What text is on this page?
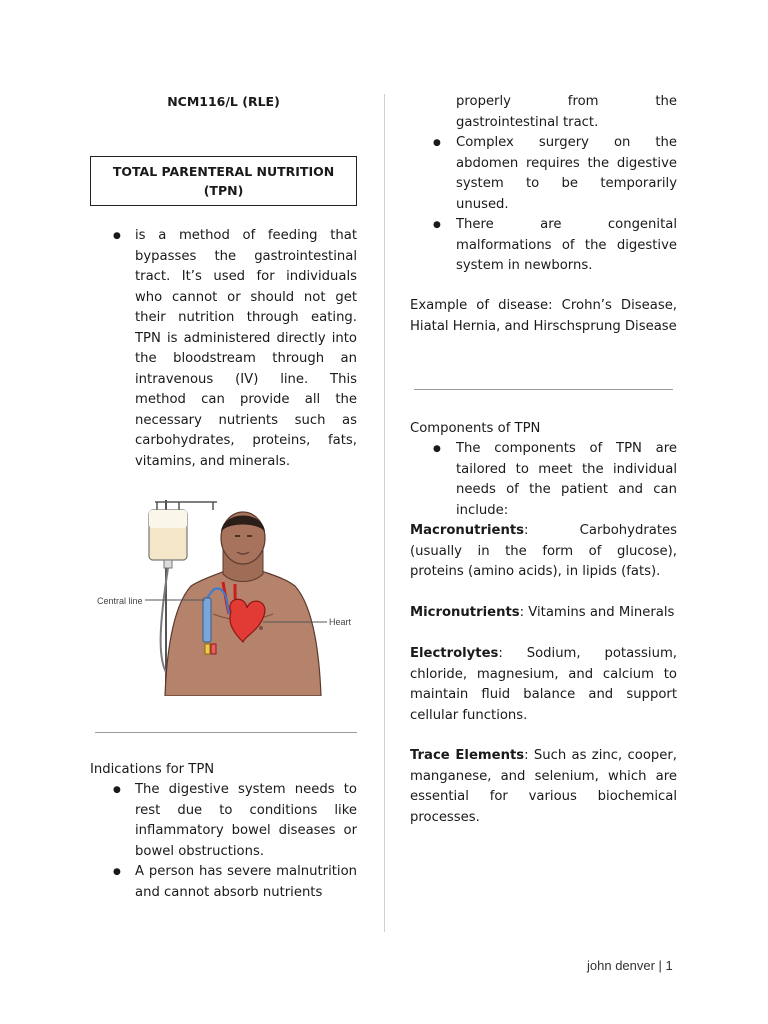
NCM116/L (RLE)
TOTAL PARENTERAL NUTRITION (TPN)
● is a method of feeding that bypasses the gastrointestinal tract. It’s used for individuals who cannot or should not get their nutrition through eating. TPN is administered directly into the bloodstream through an intravenous (IV) line. This method can provide all the necessary nutrients such as carbohydrates, proteins, fats, vitamins, and minerals.
Central line
Heart
Indications for TPN
● The digestive system needs to rest due to conditions like inflammatory bowel diseases or bowel obstructions.
● A person has severe malnutrition and cannot absorb nutrients
properly from the gastrointestinal tract.
● Complex surgery on the abdomen requires the digestive system to be temporarily unused.
● There are congenital malformations of the digestive system in newborns.
Example of disease: Crohn’s Disease, Hiatal Hernia, and Hirschsprung Disease
Components of TPN
● The components of TPN are tailored to meet the individual needs of the patient and can include:
Macronutrients: Carbohydrates (usually in the form of glucose), proteins (amino acids), in lipids (fats).
Micronutrients: Vitamins and Minerals
Electrolytes: Sodium, potassium, chloride, magnesium, and calcium to maintain fluid balance and support cellular functions.
Trace Elements: Such as zinc, cooper, manganese, and selenium, which are essential for various biochemical processes.
john denver | 1
